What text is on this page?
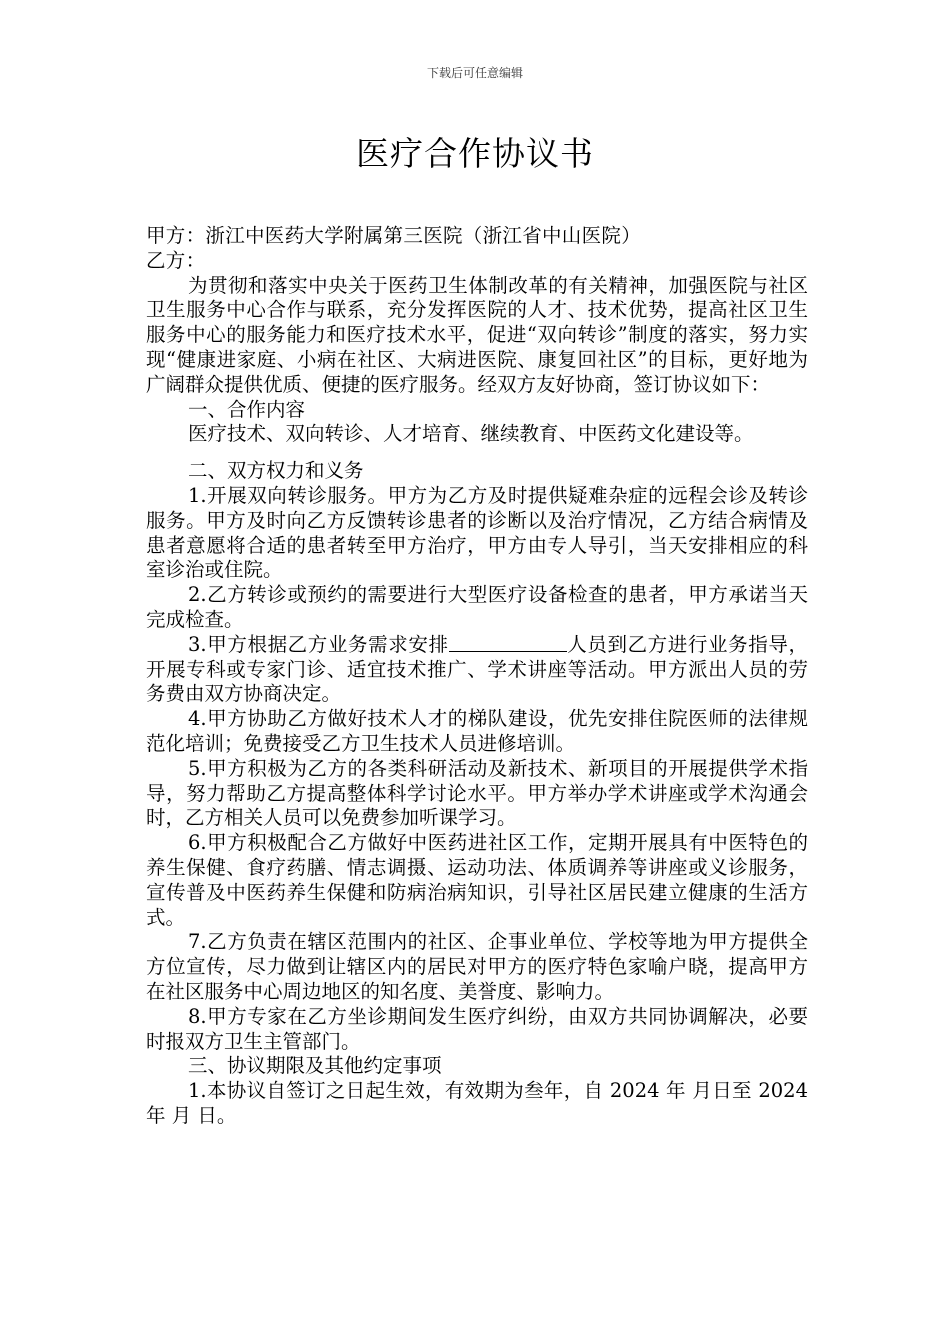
下载后可任意编辑
医疗合作协议书

甲方：浙江中医药大学附属第三医院（浙江省中山医院）

乙方：

为贯彻和落实中央关于医药卫生体制改革的有关精神，加强医院与社区卫生服务中心合作与联系，充分发挥医院的人才、技术优势，提高社区卫生服务中心的服务能力和医疗技术水平，促进“双向转诊”制度的落实，努力实现“健康进家庭、小病在社区、大病进医院、康复回社区”的目标，更好地为广阔群众提供优质、便捷的医疗服务。经双方友好协商，签订协议如下：

一、合作内容

医疗技术、双向转诊、人才培育、继续教育、中医药文化建设等。

二、双方权力和义务

1.开展双向转诊服务。甲方为乙方及时提供疑难杂症的远程会诊及转诊服务。甲方及时向乙方反馈转诊患者的诊断以及治疗情况，乙方结合病情及患者意愿将合适的患者转至甲方治疗，甲方由专人导引，当天安排相应的科室诊治或住院。

2.乙方转诊或预约的需要进行大型医疗设备检查的患者，甲方承诺当天完成检查。

3.甲方根据乙方业务需求安排	人员到乙方进行业务指导，开展专科或专家门诊、适宜技术推广、学术讲座等活动。甲方派出人员的劳务费由双方协商决定。

4.甲方协助乙方做好技术人才的梯队建设，优先安排住院医师的法律规范化培训；免费接受乙方卫生技术人员进修培训。

5.甲方积极为乙方的各类科研活动及新技术、新项目的开展提供学术指导，努力帮助乙方提高整体科学讨论水平。甲方举办学术讲座或学术沟通会时，乙方相关人员可以免费参加听课学习。

6.甲方积极配合乙方做好中医药进社区工作，定期开展具有中医特色的养生保健、食疗药膳、情志调摄、运动功法、体质调养等讲座或义诊服务，宣传普及中医药养生保健和防病治病知识，引导社区居民建立健康的生活方式。

7.乙方负责在辖区范围内的社区、企事业单位、学校等地为甲方提供全方位宣传，尽力做到让辖区内的居民对甲方的医疗特色家喻户晓，提高甲方在社区服务中心周边地区的知名度、美誉度、影响力。

8.甲方专家在乙方坐诊期间发生医疗纠纷，由双方共同协调解决，必要时报双方卫生主管部门。

三、协议期限及其他约定事项

1.本协议自签订之日起生效，有效期为叁年，自 2024 年 月日至 2024 年 月 日。
